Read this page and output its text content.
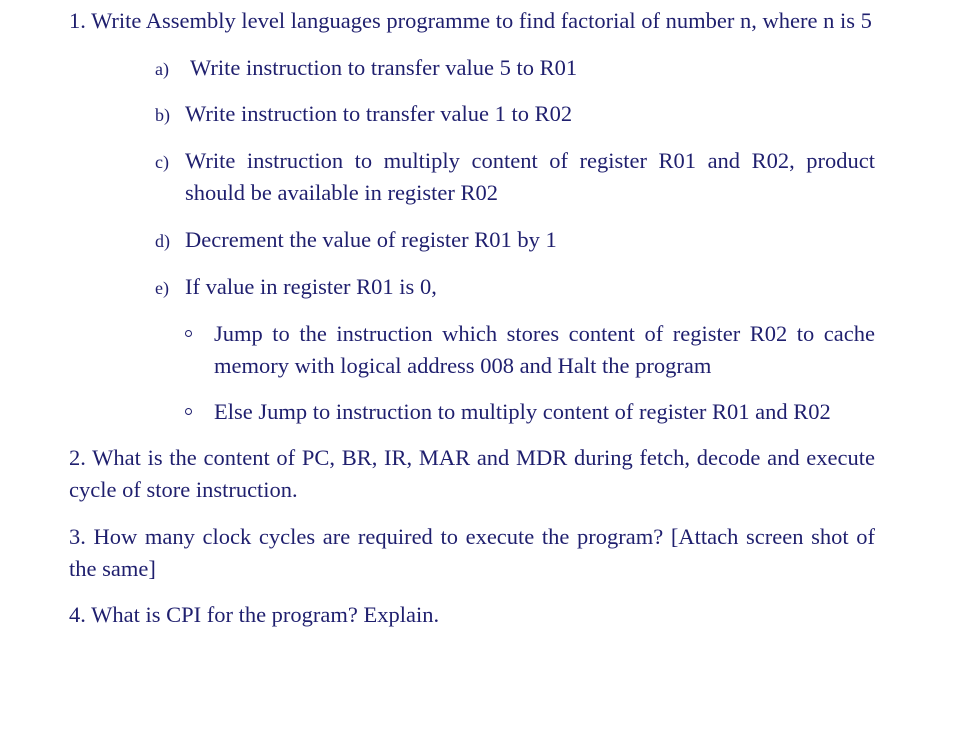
1. Write Assembly level languages programme to find factorial of number n, where n is 5

a) Write instruction to transfer value 5 to R01
b) Write instruction to transfer value 1 to R02
c) Write instruction to multiply content of register R01 and R02, product should be available in register R02
d) Decrement the value of register R01 by 1
e) If value in register R01 is 0,
Jump to the instruction which stores content of register R02 to cache memory with logical address 008 and Halt the program
Else Jump to instruction to multiply content of register R01 and R02

2. What is the content of PC, BR, IR, MAR and MDR during fetch, decode and execute cycle of store instruction.

3. How many clock cycles are required to execute the program? [Attach screen shot of the same]

4. What is CPI for the program? Explain.
